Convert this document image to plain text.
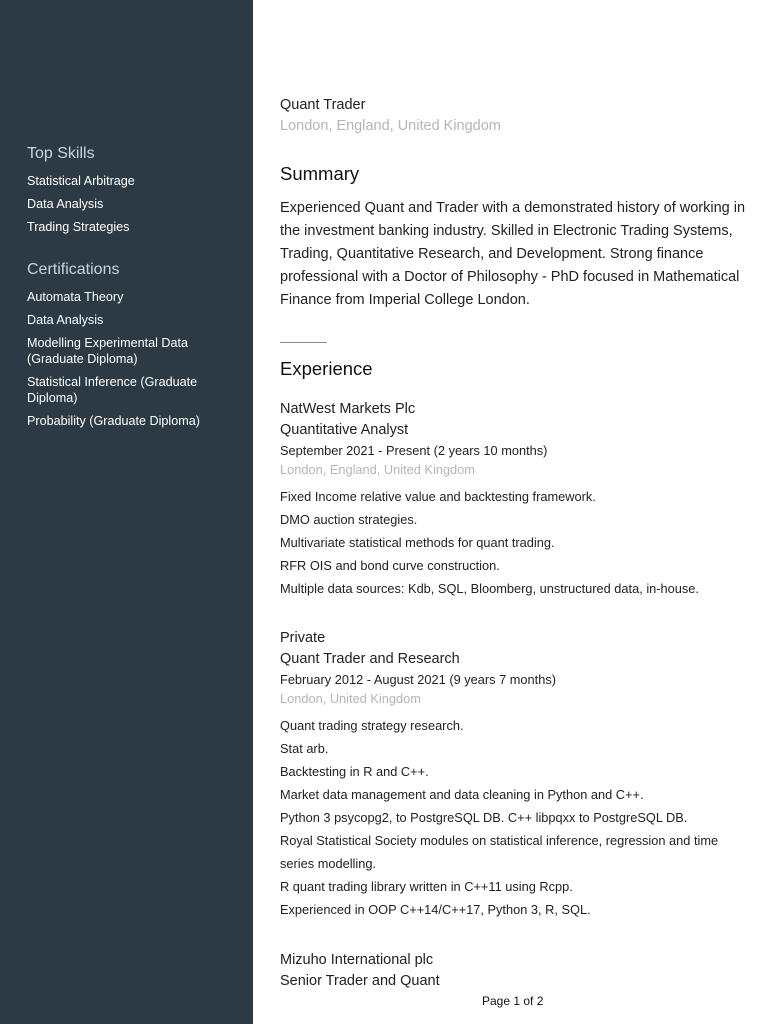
Top Skills
Statistical Arbitrage
Data Analysis
Trading Strategies
Certifications
Automata Theory
Data Analysis
Modelling Experimental Data (Graduate Diploma)
Statistical Inference (Graduate Diploma)
Probability (Graduate Diploma)
Quant Trader
London, England, United Kingdom
Summary
Experienced Quant and Trader with a demonstrated history of working in the investment banking industry. Skilled in Electronic Trading Systems, Trading, Quantitative Research, and Development. Strong finance professional with a Doctor of Philosophy - PhD focused in Mathematical Finance from Imperial College London.
Experience
NatWest Markets Plc
Quantitative Analyst
September 2021 - Present (2 years 10 months)
London, England, United Kingdom
Fixed Income relative value and backtesting framework.
DMO auction strategies.
Multivariate statistical methods for quant trading.
RFR OIS and bond curve construction.
Multiple data sources: Kdb, SQL, Bloomberg, unstructured data, in-house.
Private
Quant Trader and Research
February 2012 - August 2021 (9 years 7 months)
London, United Kingdom
Quant trading strategy research.
Stat arb.
Backtesting in R and C++.
Market data management and data cleaning in Python and C++.
Python 3 psycopg2, to PostgreSQL DB. C++ libpqxx to PostgreSQL DB.
Royal Statistical Society modules on statistical inference, regression and time series modelling.
R quant trading library written in C++11 using Rcpp.
Experienced in OOP C++14/C++17, Python 3, R, SQL.
Mizuho International plc
Senior Trader and Quant
Page 1 of 2
